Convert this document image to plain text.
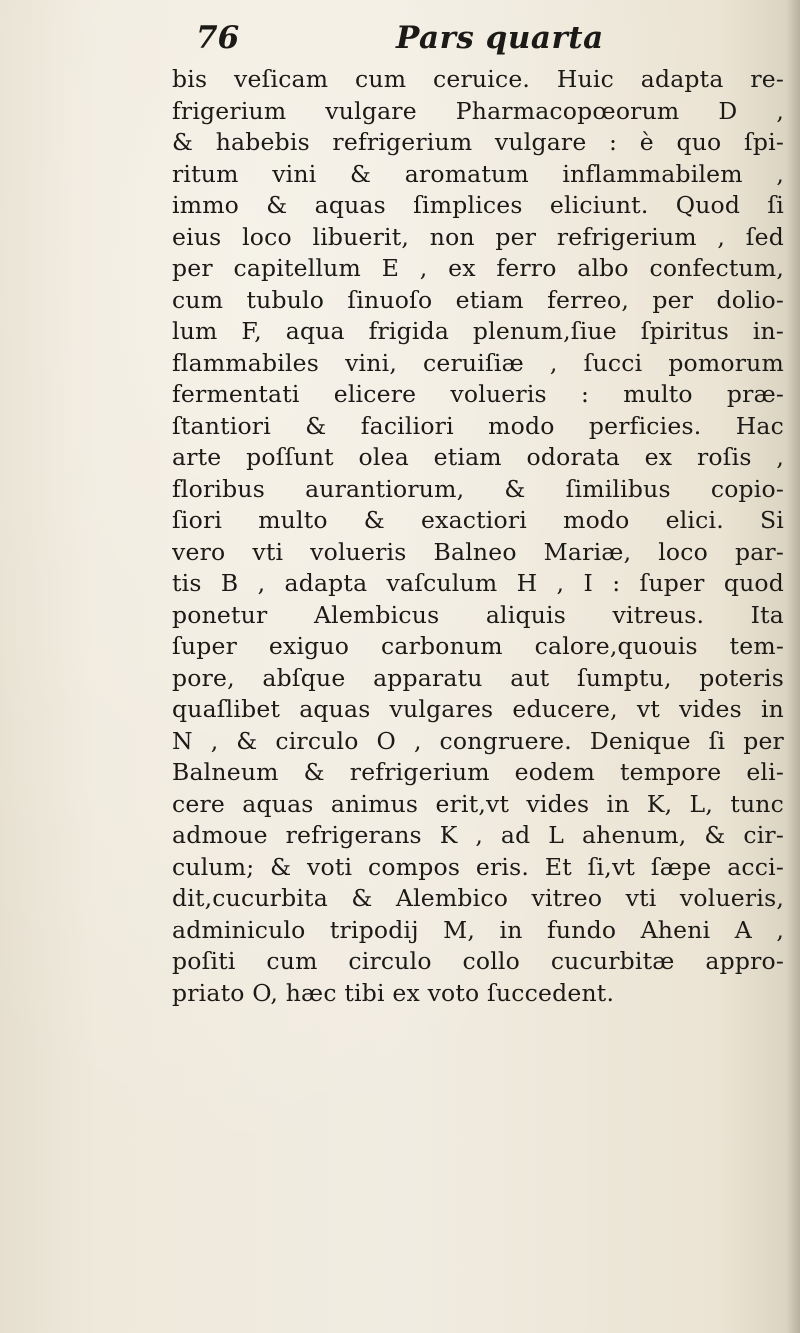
76	Pars quarta
bis veſicam cum ceruice. Huic adapta re-
frigerium vulgare Pharmacopœorum D ,
& habebis refrigerium vulgare : è quo ſpi-
ritum vini & aromatum inflammabilem ,
immo & aquas ſimplices eliciunt. Quod ſi
eius loco libuerit, non per refrigerium , ſed
per capitellum E , ex ferro albo confectum,
cum tubulo ſinuoſo etiam ferreo, per dolio-
lum F, aqua frigida plenum,ſiue ſpiritus in-
flammabiles vini, ceruiſiæ , ſucci pomorum
fermentati elicere volueris : multo præ-
ſtantiori & faciliori modo perficies. Hac
arte poſſunt olea etiam odorata ex roſis ,
floribus aurantiorum, & ſimilibus copio-
ſiori multo & exactiori modo elici. Si
vero vti volueris Balneo Mariæ, loco par-
tis B , adapta vaſculum H , I : ſuper quod
ponetur Alembicus aliquis vitreus. Ita
ſuper exiguo carbonum calore,quouis tem-
pore, abſque apparatu aut ſumptu, poteris
quaſlibet aquas vulgares educere, vt vides in
N , & circulo O , congruere. Denique ſi per
Balneum & refrigerium eodem tempore eli-
cere aquas animus erit,vt vides in K, L, tunc
admoue refrigerans K , ad L ahenum, & cir-
culum; & voti compos eris. Et ſi,vt ſæpe acci-
dit,cucurbita & Alembico vitreo vti volueris,
adminiculo tripodij M, in fundo Aheni A ,
poſiti cum circulo collo cucurbitæ appro-
priato O, hæc tibi ex voto ſuccedent.
